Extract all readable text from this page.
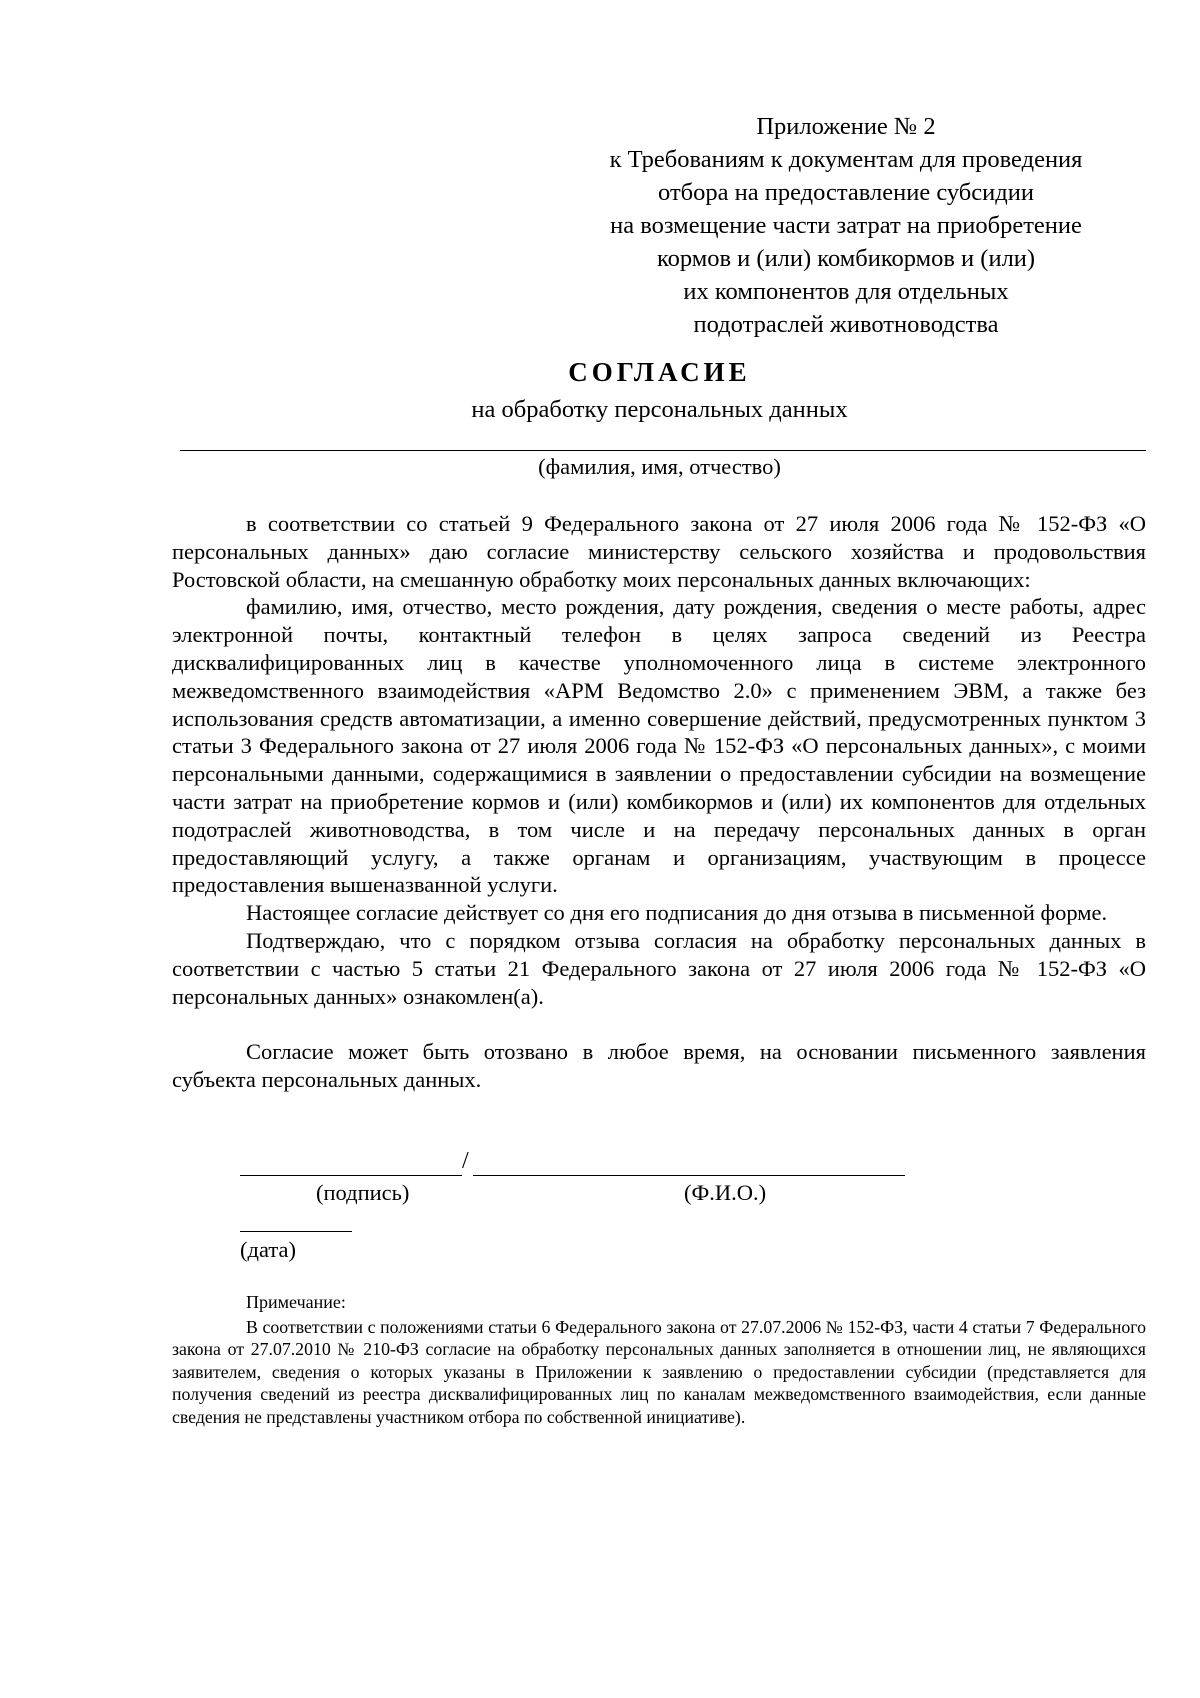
Приложение № 2
к Требованиям к документам для проведения
отбора на предоставление субсидии
на возмещение части затрат на приобретение
кормов и (или) комбикормов и (или)
их компонентов для отдельных
подотраслей животноводства
СОГЛАСИЕ
на обработку персональных данных
(фамилия, имя, отчество)

в соответствии со статьей 9 Федерального закона от 27 июля 2006 года № 152-ФЗ «О персональных данных» даю согласие министерству сельского хозяйства и продовольствия Ростовской области, на смешанную обработку моих персональных данных включающих:

фамилию, имя, отчество, место рождения, дату рождения, сведения о месте работы, адрес электронной почты, контактный телефон в целях запроса сведений из Реестра дисквалифицированных лиц в качестве уполномоченного лица в системе электронного межведомственного взаимодействия «АРМ Ведомство 2.0» с применением ЭВМ, а также без использования средств автоматизации, а именно совершение действий, предусмотренных пунктом 3 статьи 3 Федерального закона от 27 июля 2006 года № 152-ФЗ «О персональных данных», с моими персональными данными, содержащимися в заявлении о предоставлении субсидии на возмещение части затрат на приобретение кормов и (или) комбикормов и (или) их компонентов для отдельных подотраслей животноводства, в том числе и на передачу персональных данных в орган предоставляющий услугу, а также органам и организациям, участвующим в процессе предоставления вышеназванной услуги.

Настоящее согласие действует со дня его подписания до дня отзыва в письменной форме.

Подтверждаю, что с порядком отзыва согласия на обработку персональных данных в соответствии с частью 5 статьи 21 Федерального закона от 27 июля 2006 года № 152-ФЗ «О персональных данных» ознакомлен(а).

Согласие может быть отозвано в любое время, на основании письменного заявления субъекта персональных данных.

/
(подпись)	(Ф.И.О.)
(дата)
Примечание:

В соответствии с положениями статьи 6 Федерального закона от 27.07.2006 № 152-ФЗ, части 4 статьи 7 Федерального закона от 27.07.2010 № 210-ФЗ согласие на обработку персональных данных заполняется в отношении лиц, не являющихся заявителем, сведения о которых указаны в Приложении к заявлению о предоставлении субсидии (представляется для получения сведений из реестра дисквалифицированных лиц по каналам межведомственного взаимодействия, если данные сведения не представлены участником отбора по собственной инициативе).
